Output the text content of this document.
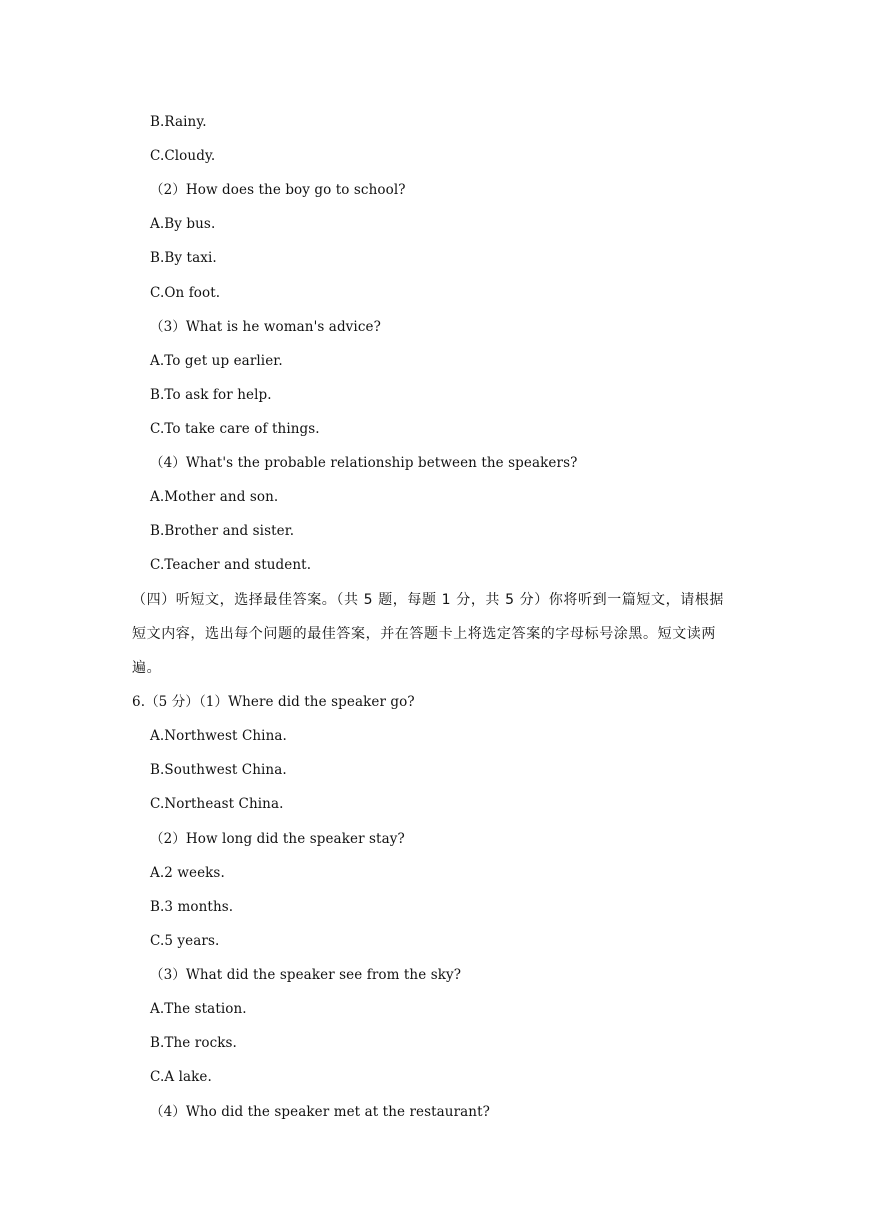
B.Rainy.
C.Cloudy.
（2）How does the boy go to school?
A.By bus.
B.By taxi.
C.On foot.
（3）What is he woman's advice?
A.To get up earlier.
B.To ask for help.
C.To take care of things.
（4）What's the probable relationship between the speakers?
A.Mother and son.
B.Brother and sister.
C.Teacher and student.
（四）听短文，选择最佳答案。（共 5 题，每题 1 分，共 5 分）你将听到一篇短文，请根据
短文内容，选出每个问题的最佳答案，并在答题卡上将选定答案的字母标号涂黑。短文读两
遍。
6.（5 分）（1）Where did the speaker go?
A.Northwest China.
B.Southwest China.
C.Northeast China.
（2）How long did the speaker stay?
A.2 weeks.
B.3 months.
C.5 years.
（3）What did the speaker see from the sky?
A.The station.
B.The rocks.
C.A lake.
（4）Who did the speaker met at the restaurant?
